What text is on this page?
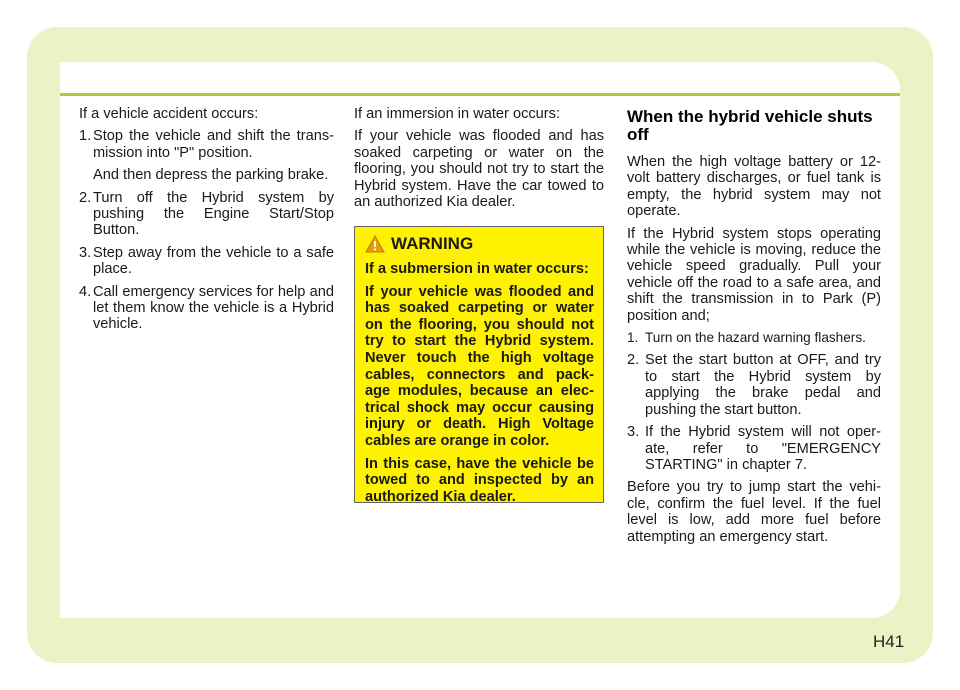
If a vehicle accident occurs:

1. Stop the vehicle and shift the trans-mission into "P" position.
And then depress the parking brake.
2. Turn off the Hybrid system by pushing the Engine Start/Stop Button.
3. Step away from the vehicle to a safe place.
4. Call emergency services for help and let them know the vehicle is a Hybrid vehicle.

If an immersion in water occurs:

If your vehicle was flooded and has soaked carpeting or water on the flooring, you should not try to start the Hybrid system. Have the car towed to an authorized Kia dealer.

WARNING

If a submersion in water occurs:

If your vehicle was flooded and has soaked carpeting or water on the flooring, you should not try to start the Hybrid system. Never touch the high voltage cables, connectors and pack-age modules, because an elec-trical shock may occur causing injury or death. High Voltage cables are orange in color.

In this case, have the vehicle be towed to and inspected by an authorized Kia dealer.

When the hybrid vehicle shuts off

When the high voltage battery or 12-volt battery discharges, or fuel tank is empty, the hybrid system may not operate.

If the Hybrid system stops operating while the vehicle is moving, reduce the vehicle speed gradually. Pull your vehicle off the road to a safe area, and shift the transmission in to Park (P) position and;

1. Turn on the hazard warning flashers.
2. Set the start button at OFF, and try to start the Hybrid system by applying the brake pedal and pushing the start button.
3. If the Hybrid system will not oper-ate, refer to "EMERGENCY STARTING" in chapter 7.

Before you try to jump start the vehi-cle, confirm the fuel level. If the fuel level is low, add more fuel before attempting an emergency start.

H41
